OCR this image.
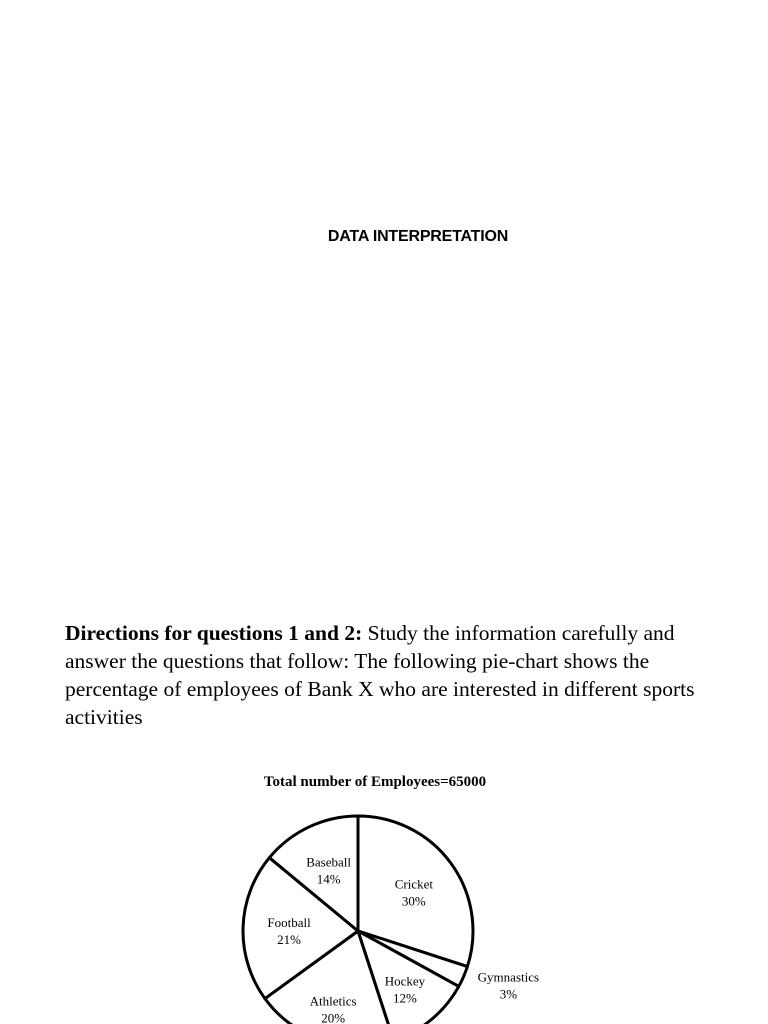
DATA INTERPRETATION
Directions for questions 1 and 2: Study the information carefully and answer the questions that follow: The following pie-chart shows the percentage of employees of Bank X who are interested in different sports activities
Total number of Employees=65000
Cricket
30%
Gymnastics
3%
Hockey
12%
Athletics
20%
Football
21%
Baseball
14%
